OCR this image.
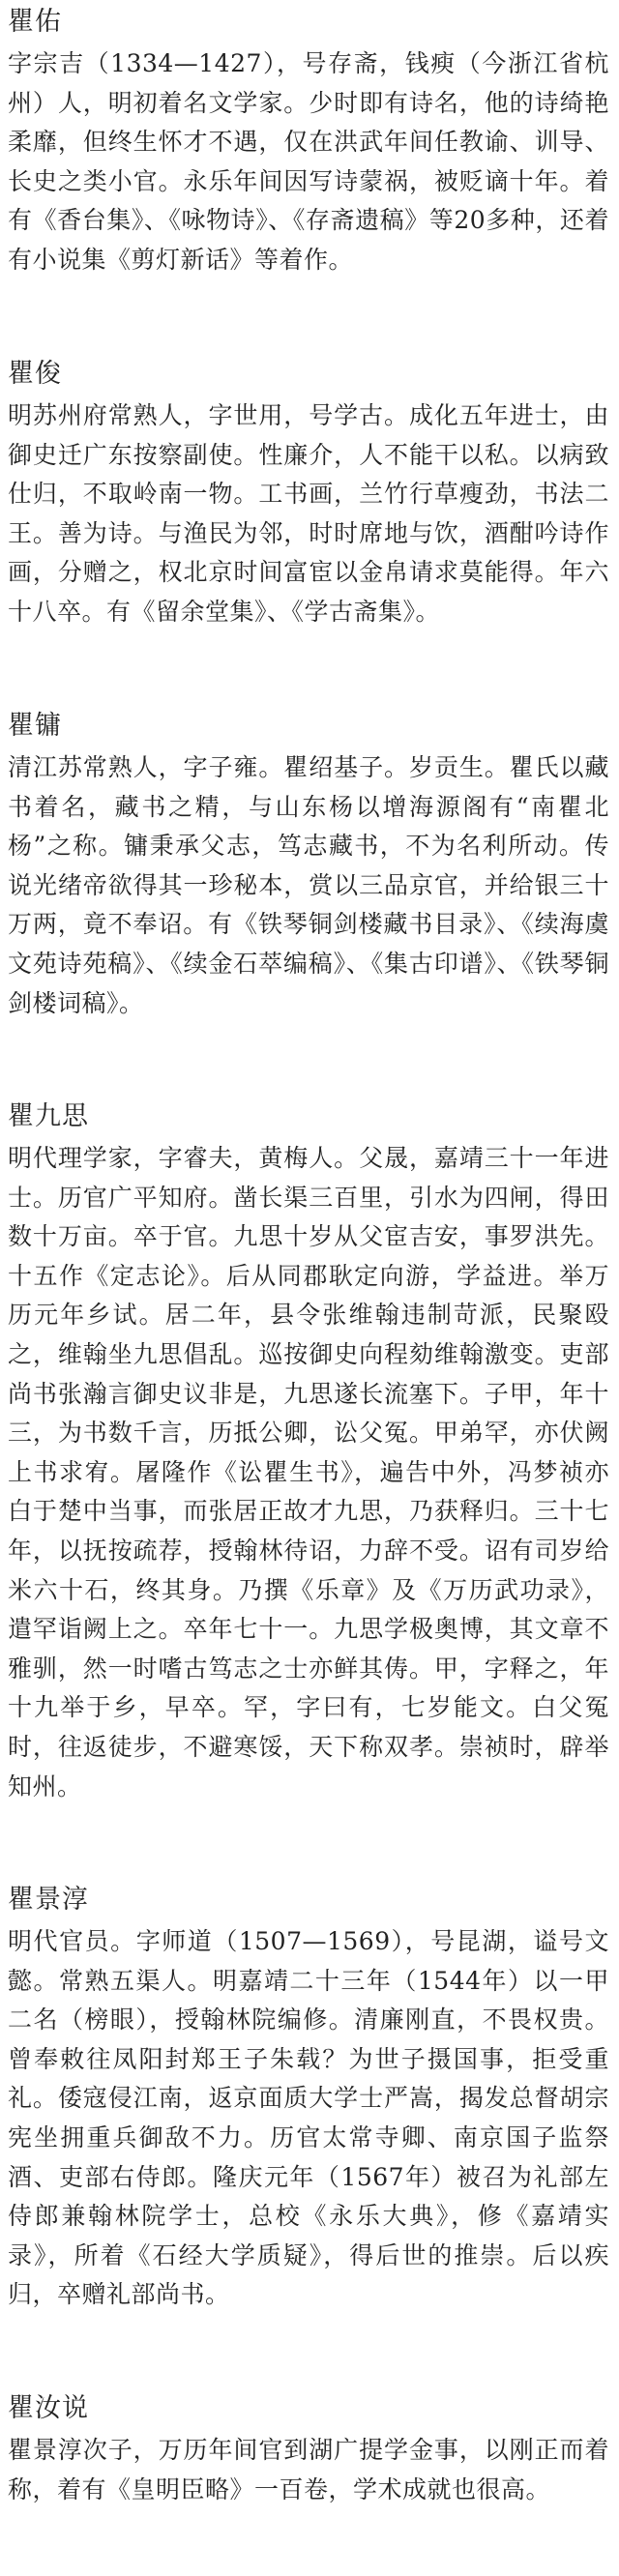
瞿佑

字宗吉（1334—1427），号存斋，钱瘐（今浙江省杭州）人，明初着名文学家。少时即有诗名，他的诗绮艳柔靡，但终生怀才不遇，仅在洪武年间任教谕、训导、长史之类小官。永乐年间因写诗蒙祸，被贬谪十年。着有《香台集》、《咏物诗》、《存斋遗稿》等20多种，还着有小说集《剪灯新话》等着作。

瞿俊

明苏州府常熟人，字世用，号学古。成化五年进士，由御史迁广东按察副使。性廉介，人不能干以私。以病致仕归，不取岭南一物。工书画，兰竹行草瘦劲，书法二王。善为诗。与渔民为邻，时时席地与饮，酒酣吟诗作画，分赠之，权北京时间富宦以金帛请求莫能得。年六十八卒。有《留余堂集》、《学古斋集》。

瞿镛

清江苏常熟人，字子雍。瞿绍基子。岁贡生。瞿氏以藏书着名，藏书之精，与山东杨以增海源阁有“南瞿北杨”之称。镛秉承父志，笃志藏书，不为名利所动。传说光绪帝欲得其一珍秘本，赏以三品京官，并给银三十万两，竟不奉诏。有《铁琴铜剑楼藏书目录》、《续海虞文苑诗苑稿》、《续金石萃编稿》、《集古印谱》、《铁琴铜剑楼词稿》。

瞿九思

明代理学家，字睿夫，黄梅人。父晟，嘉靖三十一年进士。历官广平知府。凿长渠三百里，引水为四闸，得田数十万亩。卒于官。九思十岁从父宦吉安，事罗洪先。十五作《定志论》。后从同郡耿定向游，学益进。举万历元年乡试。居二年，县令张维翰违制苛派，民聚殴之，维翰坐九思倡乱。巡按御史向程劾维翰激变。吏部尚书张瀚言御史议非是，九思遂长流塞下。子甲，年十三，为书数千言，历抵公卿，讼父冤。甲弟罕，亦伏阙上书求宥。屠隆作《讼瞿生书》，遍告中外，冯梦祯亦白于楚中当事，而张居正故才九思，乃获释归。三十七年，以抚按疏荐，授翰林待诏，力辞不受。诏有司岁给米六十石，终其身。乃撰《乐章》及《万历武功录》，遣罕诣阙上之。卒年七十一。九思学极奥博，其文章不雅驯，然一时嗜古笃志之士亦鲜其俦。甲，字释之，年十九举于乡，早卒。罕，字曰有，七岁能文。白父冤时，往返徒步，不避寒馁，天下称双孝。崇祯时，辟举知州。

瞿景淳

明代官员。字师道（1507—1569），号昆湖，谥号文懿。常熟五渠人。明嘉靖二十三年（1544年）以一甲二名（榜眼），授翰林院编修。清廉刚直，不畏权贵。曾奉敕往凤阳封郑王子朱载？为世子摄国事，拒受重礼。倭寇侵江南，返京面质大学士严嵩，揭发总督胡宗宪坐拥重兵御敌不力。历官太常寺卿、南京国子监祭酒、吏部右侍郎。隆庆元年（1567年）被召为礼部左侍郎兼翰林院学士，总校《永乐大典》，修《嘉靖实录》，所着《石经大学质疑》，得后世的推崇。后以疾归，卒赠礼部尚书。

瞿汝说

瞿景淳次子，万历年间官到湖广提学金事，以刚正而着称，着有《皇明臣略》一百卷，学术成就也很高。
